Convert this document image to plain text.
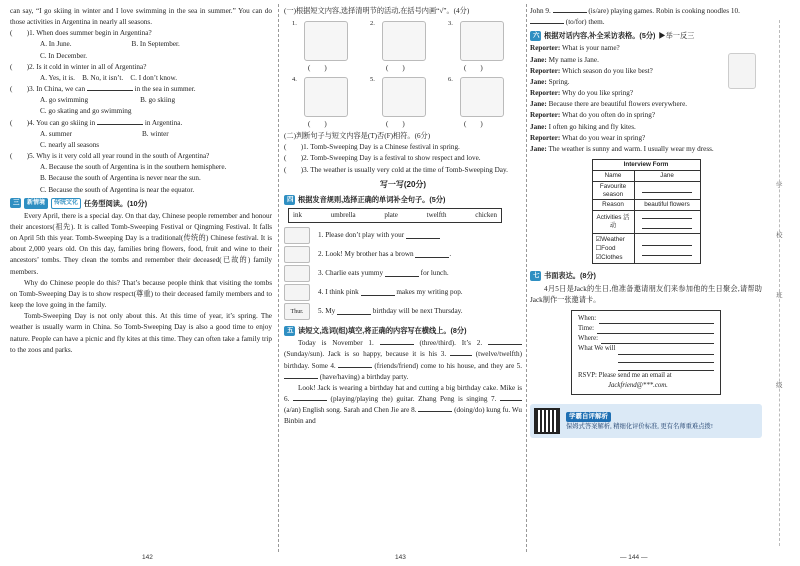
can say, “I go skiing in winter and I love swimming in the sea in summer.” You can do those activities in Argentina in nearly all seasons.

(　　)1. When does summer begin in Argentina?

A. In June.	B. In September.

C. In December.

(　　)2. Is it cold in winter in all of Argentina?

A. Yes, it is.　B. No, it isn’t.　C. I don’t know.

(　　)3. In China, we can	in the sea in summer.

A. go swimming	B. go skiing

C. go skating and go swimming

(　　)4. You can go skiing in	in Argentina.

A. summer	B. winter

C. nearly all seasons

(　　)5. Why is it very cold all year round in the south of Argentina?

A. Because the south of Argentina is in the southern hemisphere.

B. Because the south of Argentina is never near the sun.

C. Because the south of Argentina is near the equator.

三	新情境	传统文化 任务型阅读。(10分)

Every April, there is a special day. On that day, Chinese people remember and honour their ancestors(祖先). It is called Tomb-Sweeping Festival or Qingming Festival. It falls on April 5th this year. Tomb-Sweeping Day is a traditional(传统的) Chinese festival. It is about 2,000 years old. On this day, families bring flowers, food, fruit and wine to their ancestors’ tombs. They clean the tombs and remember their deceased(已故的) family members.

Why do Chinese people do this? That’s because people think that visiting the tombs on Tomb-Sweeping Day is to show respect(尊重) to their deceased family members and to keep the love going in the family.

Tomb-Sweeping Day is not only about this. At this time of year, it’s spring. The weather is usually warm in China. So Tomb-Sweeping Day is also a good time to enjoy nature. People can have a picnic and fly kites at this time. They can often take a family trip to the zoos and parks.

142

(一)根据短文内容,选择清明节的活动,在括号内画“√”。(4分)

1.
(　　)
2.
(　　)
3.
(　　)
4.
(　　)
5.
(　　)
6.
(　　)

(二)判断句子与短文内容是(T)否(F)相符。(6分)

(　　)1. Tomb-Sweeping Day is a Chinese festival in spring.

(　　)2. Tomb-Sweeping Day is a festival to show respect and love.

(　　)3. The weather is usually very cold at the time of Tomb-Sweeping Day.

写一写(20分)

四 根据发音规则,选择正确的单词补全句子。(5分)
ink	umbrella	plate	twelfth	chicken
1. Please don’t play with your

2. Look! My brother has a brown
	.
3. Charlie eats yummy

	for lunch.
4. I think pink

	makes my writing pop.
Thur.	5. My

	birthday will be next Thursday.
五 读短文,选词(组)填空,将正确的内容写在横线上。(8分)

Today is November 1.	(three/third). It’s 2.  (Sunday/sun). Jack is so happy, because it is his 3.	(twelve/twelfth) birthday. Some 4.	(friends/friend) come to his house, and they are 5.  (have/having) a birthday party.

Look! Jack is wearing a birthday hat and cutting a big birthday cake. Mike is 6.	(playing/playing the) guitar. Zhang Peng is singing 7.  (a/an) English song. Sarah and Chen Jie are 8.	(doing/do) kung fu. Wu Binbin and

143

John 9.	(is/are) playing games. Robin is cooking noodles 10.  (to/for) them.

六 根据对话内容,补全采访表格。(5分) ▶举一反三

Reporter: What is your name?

Jane: My name is Jane.

Reporter: Which season do you like best?

Jane: Spring.

Reporter: Why do you like spring?

Jane: Because there are beautiful flowers everywhere.

Reporter: What do you often do in spring?

Jane: I often go hiking and fly kites.

Reporter: What do you wear in spring?

Jane: The weather is sunny and warm. I usually wear my dress.

Interview Form	
Name	Jane
Favourite season	
Reason	beautiful flowers
Activities 活动	

☑Weather
☐Food
☑Clothes	

七 书面表达。(8分)

4月5日是Jack的生日,他准备邀请朋友们来参加他的生日聚会,请帮助Jack制作一张邀请卡。

When:
Time:
Where:
What We will

RSVP: Please send me an email at

Jackfriend@***.com.

学霸自评解析
保姆式答案解析, 精细化评价标准, 更有名师重难点拨!
— 144 —
学
校
班
级
